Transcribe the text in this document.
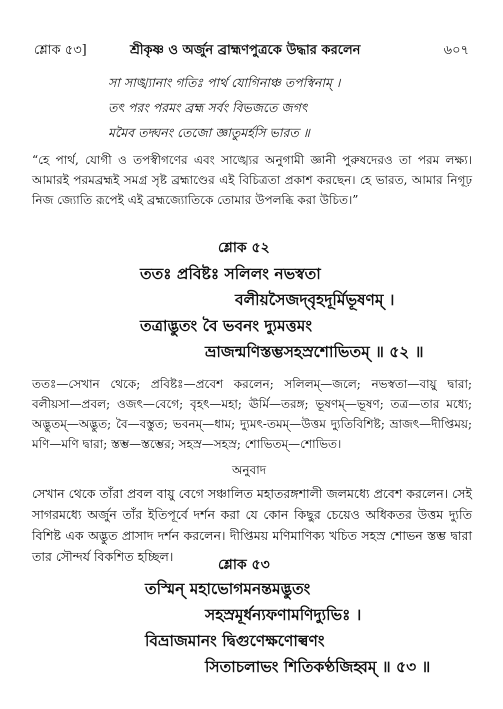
শ্লোক ৫৩]	শ্রীকৃষ্ণ ও অর্জুন ব্রাহ্মণপুত্রকে উদ্ধার করলেন	৬০৭
সা সাঙ্খ্যানাং গতিঃ পার্থ যোগিনাঞ্চ তপস্বিনাম্ ।
তৎ পরং পরমং ব্রহ্ম সর্বং বিভজতে জগৎ
মমৈব তদ্ঘনং তেজো জ্ঞাতুমর্হসি ভারত ॥
“হে পার্থ, যোগী ও তপস্বীগণের এবং সাঙ্খ্যের অনুগামী জ্ঞানী পুরুষদেরও তা পরম লক্ষ্য। আমারই পরমব্রহ্মই সমগ্র সৃষ্ট ব্রহ্মাণ্ডের এই বিচিত্রতা প্রকাশ করছেন। হে ভারত, আমার নিগূঢ় নিজ জ্যোতি রূপেই এই ব্রহ্মজ্যোতিকে তোমার উপলব্ধি করা উচিত।”
শ্লোক ৫২
ততঃ প্রবিষ্টঃ সলিলং নভস্বতা
বলীয়সৈজদ্‌বৃহদূর্মিভূষণম্ ।
তত্রাদ্ভুতং বৈ ভবনং দ্যুমত্তমং
ভ্রাজন্মণিস্তম্ভসহস্রশোভিতম্ ॥ ৫২ ॥
ততঃ—সেখান থেকে; প্রবিষ্টঃ—প্রবেশ করলেন; সলিলম্—জলে; নভস্বতা—বায়ু দ্বারা; বলীয়সা—প্রবল; ওজৎ—বেগে; বৃহৎ—মহা; ঊর্মি—তরঙ্গ; ভূষণম্—ভূষণ; তত্র—তার মধ্যে; অদ্ভুতম্—অদ্ভুত; বৈ—বস্তুত; ভবনম্—ধাম; দ্যুমৎ-তমম্—উত্তম দ্যুতিবিশিষ্ট; ভ্রাজৎ—দীপ্তিময়; মণি—মণি দ্বারা; স্তম্ভ—স্তম্ভের; সহস্র—সহস্র; শোভিতম্—শোভিত।
অনুবাদ
সেখান থেকে তাঁরা প্রবল বায়ু বেগে সঞ্চালিত মহাতরঙ্গশালী জলমধ্যে প্রবেশ করলেন। সেই সাগরমধ্যে অর্জুন তাঁর ইতিপূর্বে দর্শন করা যে কোন কিছুর চেয়েও অধিকতর উত্তম দ্যুতি বিশিষ্ট এক অদ্ভুত প্রাসাদ দর্শন করলেন। দীপ্তিময় মণিমাণিক্য খচিত সহস্র শোভন স্তম্ভ দ্বারা তার সৌন্দর্য বিকশিত হচ্ছিল।
শ্লোক ৫৩
তস্মিন্ মহাভোগমনন্তমদ্ভুতং
সহস্রমূর্ধন্যফণামণিদ্যুভিঃ ।
বিভ্রাজমানং দ্বিগুণেক্ষণোল্বণং
সিতাচলাভং শিতিকণ্ঠজিহ্বম্ ॥ ৫৩ ॥
